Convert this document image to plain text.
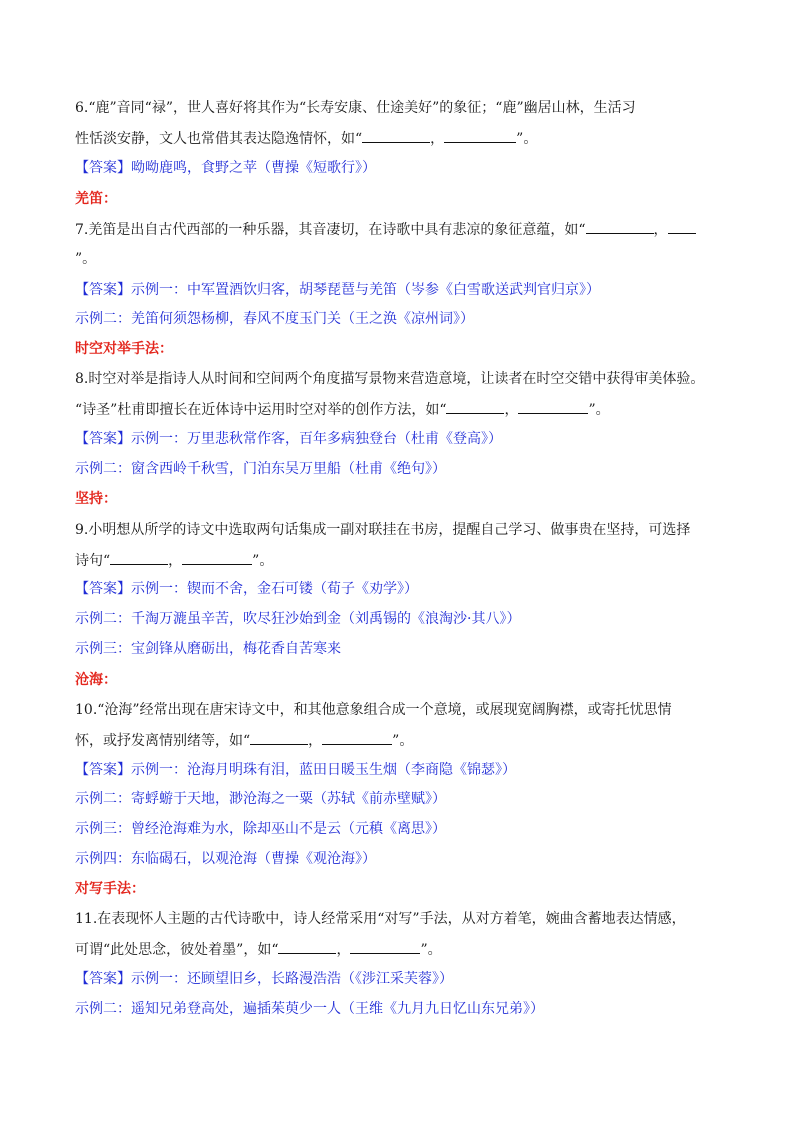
6.“鹿”音同“禄”，世人喜好将其作为“长寿安康、仕途美好”的象征；“鹿”幽居山林，生活习
性恬淡安静，文人也常借其表达隐逸情怀，如“	，	”。
【答案】呦呦鹿鸣，食野之苹（曹操《短歌行》）
羌笛：
7.羌笛是出自古代西部的一种乐器，其音凄切，在诗歌中具有悲凉的象征意蕴，如“	，
”。
【答案】示例一：中军置酒饮归客，胡琴琵琶与羌笛（岑参《白雪歌送武判官归京》）
示例二：羌笛何须怨杨柳，春风不度玉门关（王之涣《凉州词》）
时空对举手法：
8.时空对举是指诗人从时间和空间两个角度描写景物来营造意境，让读者在时空交错中获得审美体验。
“诗圣”杜甫即擅长在近体诗中运用时空对举的创作方法，如“	，	”。
【答案】示例一：万里悲秋常作客，百年多病独登台（杜甫《登高》）
示例二：窗含西岭千秋雪，门泊东吴万里船（杜甫《绝句》）
坚持：
9.小明想从所学的诗文中选取两句话集成一副对联挂在书房，提醒自己学习、做事贵在坚持，可选择
诗句“	，	”。
【答案】示例一：锲而不舍，金石可镂（荀子《劝学》）
示例二：千淘万漉虽辛苦，吹尽狂沙始到金（刘禹锡的《浪淘沙·其八》）
示例三：宝剑锋从磨砺出，梅花香自苦寒来
沧海：
10.“沧海”经常出现在唐宋诗文中，和其他意象组合成一个意境，或展现宽阔胸襟，或寄托忧思情
怀，或抒发离情别绪等，如“	，	”。
【答案】示例一：沧海月明珠有泪，蓝田日暖玉生烟（李商隐《锦瑟》）
示例二：寄蜉蝣于天地，渺沧海之一粟（苏轼《前赤壁赋》）
示例三：曾经沧海难为水，除却巫山不是云（元稹《离思》）
示例四：东临碣石，以观沧海（曹操《观沧海》）
对写手法：
11.在表现怀人主题的古代诗歌中，诗人经常采用“对写”手法，从对方着笔，婉曲含蓄地表达情感，
可谓“此处思念，彼处着墨”，如“	，	”。
【答案】示例一：还顾望旧乡，长路漫浩浩（《涉江采芙蓉》）
示例二：遥知兄弟登高处，遍插茱萸少一人（王维《九月九日忆山东兄弟》）
